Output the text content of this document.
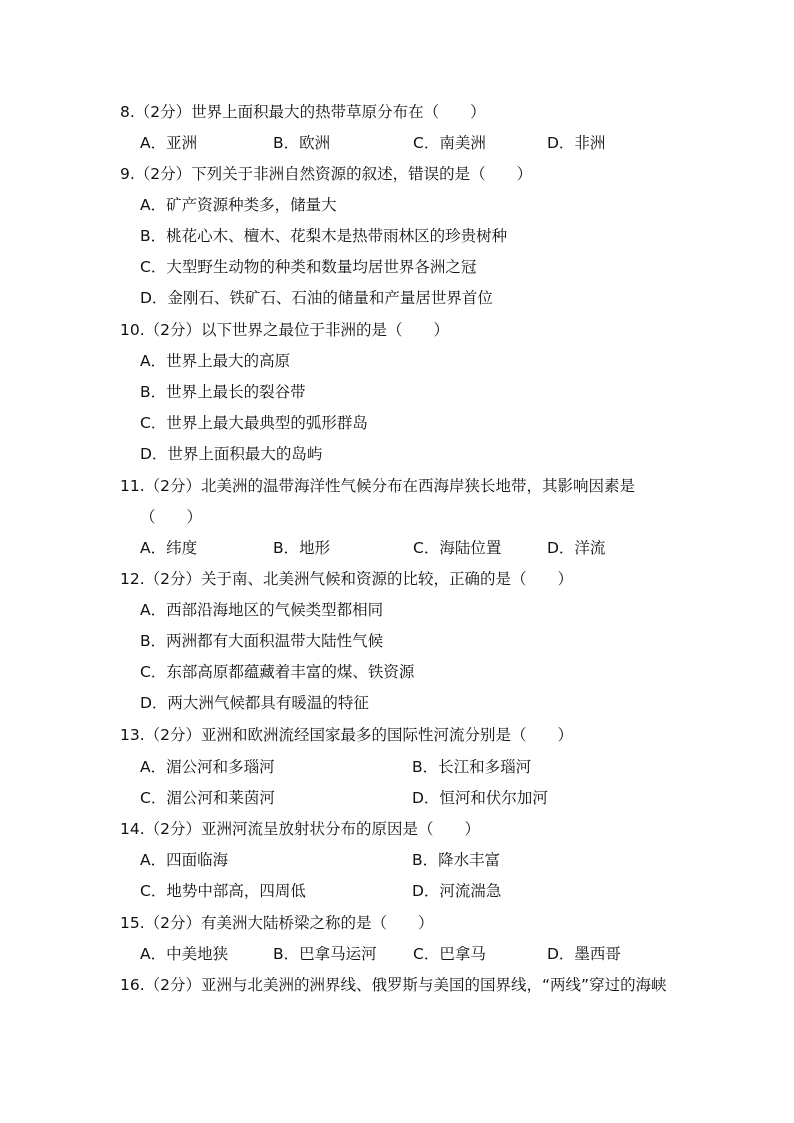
8.（2分）世界上面积最大的热带草原分布在（　　）
A．亚洲	B．欧洲	C．南美洲	D．非洲
9.（2分）下列关于非洲自然资源的叙述，错误的是（　　）
A．矿产资源种类多，储量大
B．桃花心木、檀木、花梨木是热带雨林区的珍贵树种
C．大型野生动物的种类和数量均居世界各洲之冠
D．金刚石、铁矿石、石油的储量和产量居世界首位
10.（2分）以下世界之最位于非洲的是（　　）
A．世界上最大的高原
B．世界上最长的裂谷带
C．世界上最大最典型的弧形群岛
D．世界上面积最大的岛屿
11.（2分）北美洲的温带海洋性气候分布在西海岸狭长地带，其影响因素是
（　　）
A．纬度	B．地形	C．海陆位置	D．洋流
12.（2分）关于南、北美洲气候和资源的比较，正确的是（　　）
A．西部沿海地区的气候类型都相同
B．两洲都有大面积温带大陆性气候
C．东部高原都蕴藏着丰富的煤、铁资源
D．两大洲气候都具有暖温的特征
13.（2分）亚洲和欧洲流经国家最多的国际性河流分别是（　　）
A．湄公河和多瑙河	B．长江和多瑙河
C．湄公河和莱茵河	D．恒河和伏尔加河
14.（2分）亚洲河流呈放射状分布的原因是（　　）
A．四面临海	B．降水丰富
C．地势中部高，四周低	D．河流湍急
15.（2分）有美洲大陆桥梁之称的是（　　）
A．中美地狭	B．巴拿马运河 C．巴拿马	D．墨西哥
16.（2分）亚洲与北美洲的洲界线、俄罗斯与美国的国界线，“两线”穿过的海峡
